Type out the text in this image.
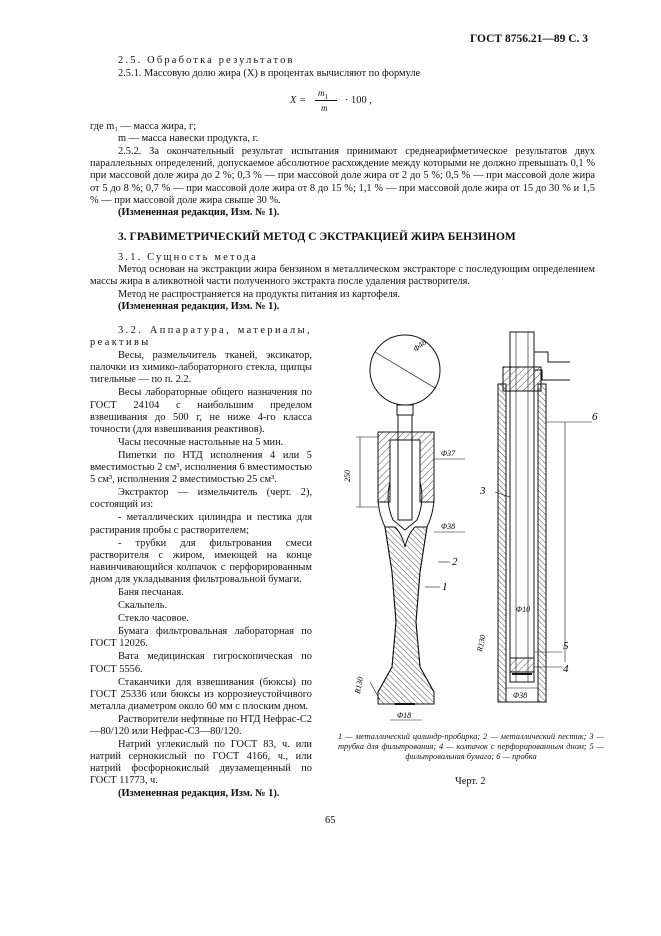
ГОСТ 8756.21—89 С. 3
2.5. Обработка результатов
2.5.1. Массовую долю жира (X) в процентах вычисляют по формуле
X =
$m_1$
m
· 100 ,
где m₁ — масса жира, г;
m — масса навески продукта, г.
2.5.2. За окончательный результат испытания принимают среднеарифметическое результатов двух параллельных определений, допускаемое абсолютное расхождение между которыми не должно превышать 0,1 % при массовой доле жира до 2 %; 0,3 % — при массовой доле жира от 2 до 5 %; 0,5 % — при массовой доле жира от 5 до 8 %; 0,7 % — при массовой доле жира от 8 до 15 %; 1,1 % — при массовой доле жира от 15 до 30 % и 1,5 % — при массовой доле жира свыше 30 %.
(Измененная редакция, Изм. № 1).
3. ГРАВИМЕТРИЧЕСКИЙ МЕТОД С ЭКСТРАКЦИЕЙ ЖИРА БЕНЗИНОМ
3.1. Сущность метода
Метод основан на экстракции жира бензином в металлическом экстракторе с последующим определением массы жира в аликвотной части полученного экстракта после удаления растворителя.
Метод не распространяется на продукты питания из картофеля.
(Измененная редакция, Изм. № 1).

3.2. Аппаратура, материалы, реактивы

Весы, размельчитель тканей, эксикатор, палочки из химико-лабораторного стекла, щипцы тигельные — по п. 2.2.

Весы лабораторные общего назначения по ГОСТ 24104 с наибольшим пределом взвешивания до 500 г, не ниже 4-го класса точности (для взвешивания реактивов).

Часы песочные настольные на 5 мин.

Пипетки по НТД исполнения 4 или 5 вместимостью 2 см³, исполнения 6 вместимостью 5 см³, исполнения 2 вместимостью 25 см³.

Экстрактор — измельчитель (черт. 2), состоящий из:

- металлических цилиндра и пестика для растирания пробы с растворителем;

- трубки для фильтрования смеси растворителя с жиром, имеющей на конце навинчивающийся колпачок с перфорированным дном для укладывания фильтровальной бумаги.

Баня песчаная.

Скальпель.

Стекло часовое.

Бумага фильтровальная лабораторная по ГОСТ 12026.

Вата медицинская гигроскопическая по ГОСТ 5556.

Стаканчики для взвешивания (бюксы) по ГОСТ 25336 или бюксы из коррозиеустойчивого металла диаметром около 60 мм с плоским дном.

Растворители нефтяные по НТД Нефрас-С2—80/120 или Нефрас-С3—80/120.

Натрий углекислый по ГОСТ 83, ч. или натрий сернокислый по ГОСТ 4166, ч., или натрий фосфорнокислый двузамещенный по ГОСТ 11773, ч.

(Измененная редакция, Изм. № 1).

Φ48
250
Φ37
Φ38
Φ18
R130
2
1
3
6
Φ10
R130	5
4
Φ38
1 — металлический цилиндр-пробирка; 2 — металлический пестик; 3 — трубка для фильтрования; 4 — колпачок с перфорированным дном; 5 — фильтровальная бумага; 6 — пробка
Черт. 2
65
